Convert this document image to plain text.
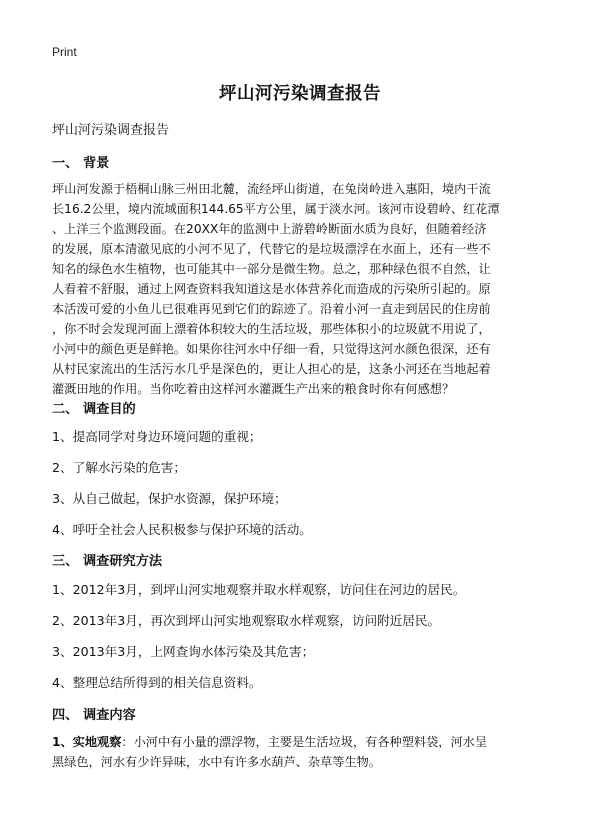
Print
坪山河污染调查报告
坪山河污染调查报告
一、 背景
坪山河发源于梧桐山脉三州田北麓，流经坪山街道，在兔岗岭进入惠阳，境内干流
长16.2公里，境内流域面积144.65平方公里，属于淡水河。该河市设碧岭、红花潭
、上洋三个监测段面。在20XX年的监测中上游碧岭断面水质为良好，但随着经济
的发展，原本清澈见底的小河不见了，代替它的是垃圾漂浮在水面上，还有一些不
知名的绿色水生植物，也可能其中一部分是微生物。总之，那种绿色很不自然，让
人看着不舒服，通过上网查资料我知道这是水体营养化而造成的污染所引起的。原
本活泼可爱的小鱼儿已很难再见到它们的踪迹了。沿着小河一直走到居民的住房前
，你不时会发现河面上漂着体积较大的生活垃圾，那些体积小的垃圾就不用说了，
小河中的颜色更是鲜艳。如果你往河水中仔细一看，只觉得这河水颜色很深，还有
从村民家流出的生活污水几乎是深色的，更让人担心的是，这条小河还在当地起着
灌溉田地的作用。当你吃着由这样河水灌溉生产出来的粮食时你有何感想？
二、 调查目的
1、提高同学对身边环境问题的重视；
2、了解水污染的危害；
3、从自己做起，保护水资源，保护环境；
4、呼吁全社会人民积极参与保护环境的活动。
三、 调查研究方法
1、2012年3月，到坪山河实地观察并取水样观察，访问住在河边的居民。
2、2013年3月，再次到坪山河实地观察取水样观察，访问附近居民。
3、2013年3月，上网查询水体污染及其危害；
4、整理总结所得到的相关信息资料。
四、 调查内容
1、实地观察：小河中有小量的漂浮物，主要是生活垃圾，有各种塑料袋，河水呈
黑绿色，河水有少许异味，水中有许多水葫芦、杂草等生物。
